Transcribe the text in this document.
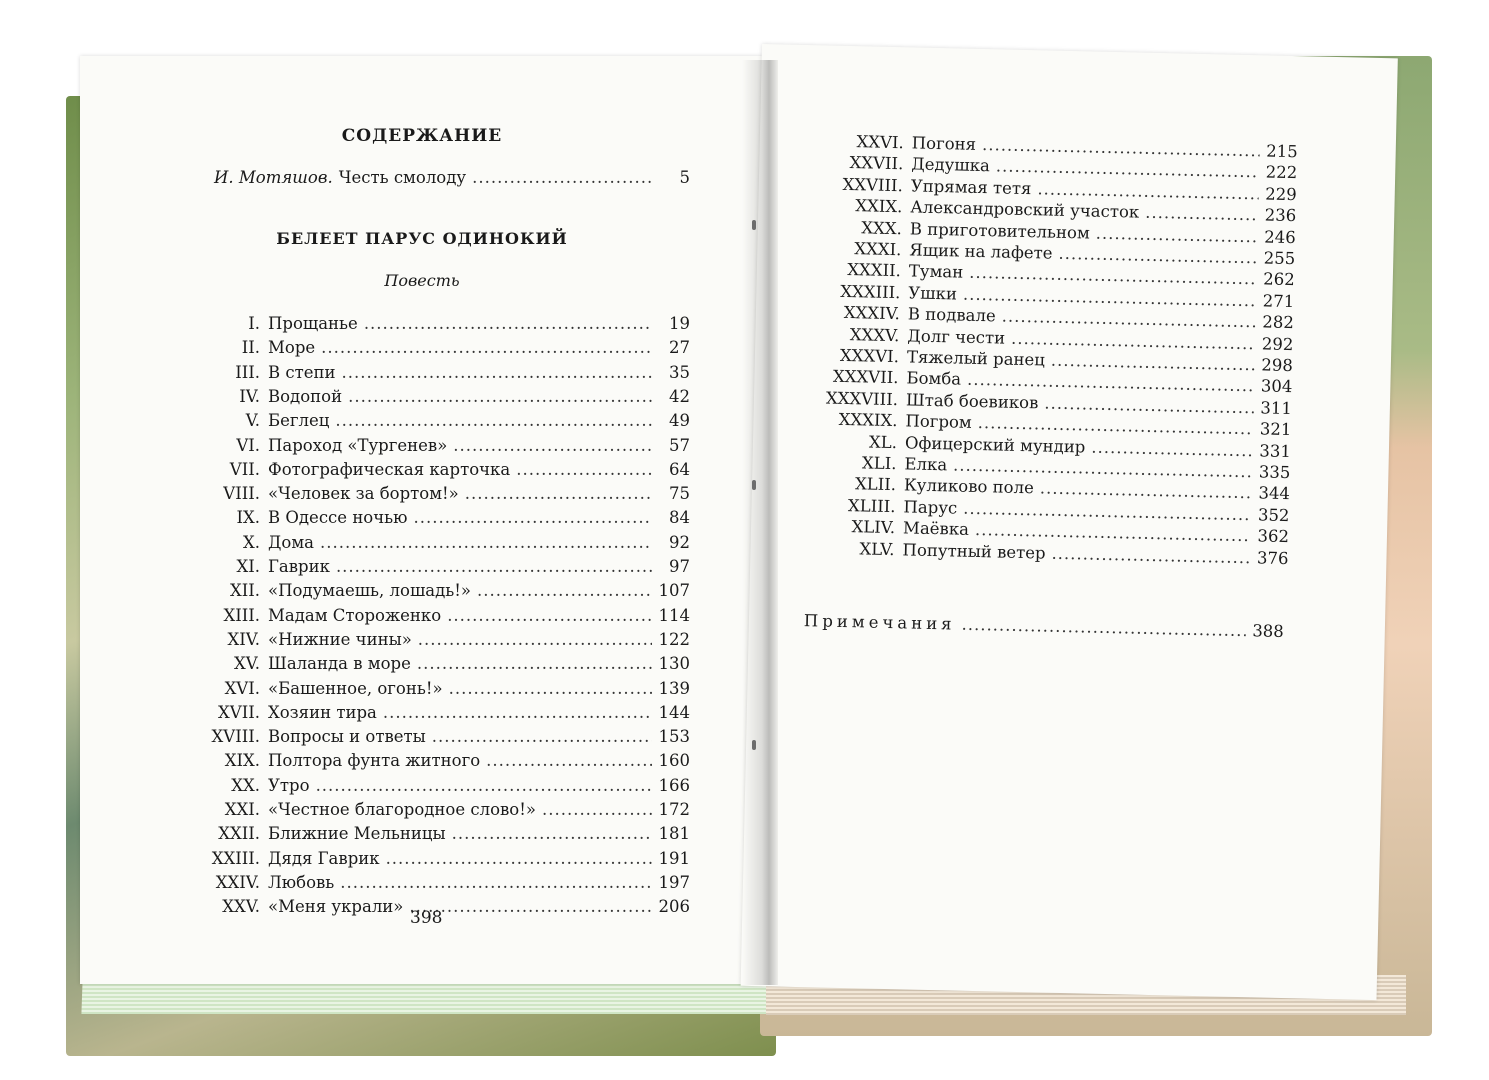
СОДЕРЖАНИЕ
И. Мотяшов. Честь смолоду .....	5
БЕЛЕЕТ ПАРУС ОДИНОКИЙ
Повесть
I. Прощанье .....	19
II. Море .....	27
III. В степи .....	35
IV. Водопой .....	42
V. Беглец .....	49
VI. Пароход «Тургенев» .....	57
VII. Фотографическая карточка .....	64
VIII. «Человек за бортом!» .....	75
IX. В Одессе ночью .....	84
X. Дома .....	92
XI. Гаврик .....	97
XII. «Подумаешь, лошадь!» .....	107
XIII. Мадам Стороженко .....	114
XIV. «Нижние чины» .....	122
XV. Шаланда в море .....	130
XVI. «Башенное, огонь!» .....	139
XVII. Хозяин тира .....	144
XVIII. Вопросы и ответы .....	153
XIX. Полтора фунта житного .....	160
XX. Утро .....	166
XXI. «Честное благородное слово!» .....	172
XXII. Ближние Мельницы .....	181
XXIII. Дядя Гаврик .....	191
XXIV. Любовь .....	197
XXV. «Меня украли» .....	206
398
XXVI. Погоня .....	215
XXVII. Дедушка .....	222
XXVIII. Упрямая тетя .....	229
XXIX. Александровский участок .....	236
XXX. В приготовительном .....	246
XXXI. Ящик на лафете .....	255
XXXII. Туман .....	262
XXXIII. Ушки .....	271
XXXIV. В подвале .....	282
XXXV. Долг чести .....	292
XXXVI. Тяжелый ранец .....	298
XXXVII. Бомба .....	304
XXXVIII. Штаб боевиков .....	311
XXXIX. Погром .....	321
XL. Офицерский мундир .....	331
XLI. Елка .....	335
XLII. Куликово поле .....	344
XLIII. Парус .....	352
XLIV. Маёвка .....	362
XLV. Попутный ветер .....	376
Примечания .....	388
